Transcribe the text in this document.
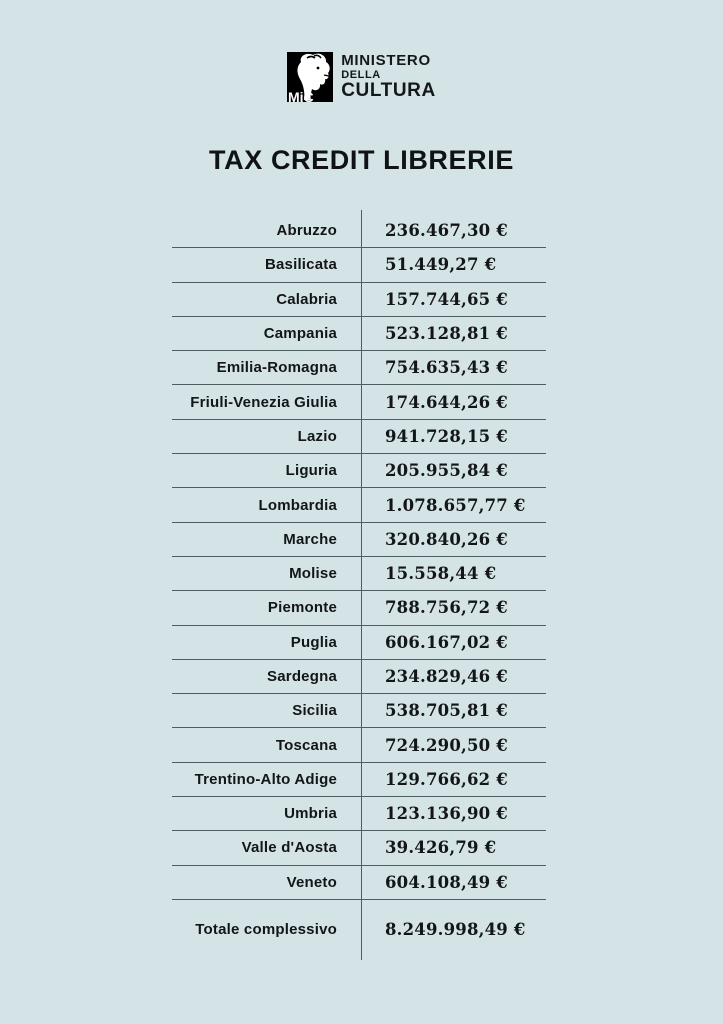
MiC
MINISTERO
DELLA
CULTURA
TAX CREDIT LIBRERIE
Abruzzo	236.467,30 €
Basilicata	51.449,27 €
Calabria	157.744,65 €
Campania	523.128,81 €
Emilia-Romagna	754.635,43 €
Friuli-Venezia Giulia	174.644,26 €
Lazio	941.728,15 €
Liguria	205.955,84 €
Lombardia	1.078.657,77 €
Marche	320.840,26 €
Molise	15.558,44 €
Piemonte	788.756,72 €
Puglia	606.167,02 €
Sardegna	234.829,46 €
Sicilia	538.705,81 €
Toscana	724.290,50 €
Trentino-Alto Adige	129.766,62 €
Umbria	123.136,90 €
Valle d'Aosta	39.426,79 €
Veneto	604.108,49 €
Totale complessivo	8.249.998,49 €
